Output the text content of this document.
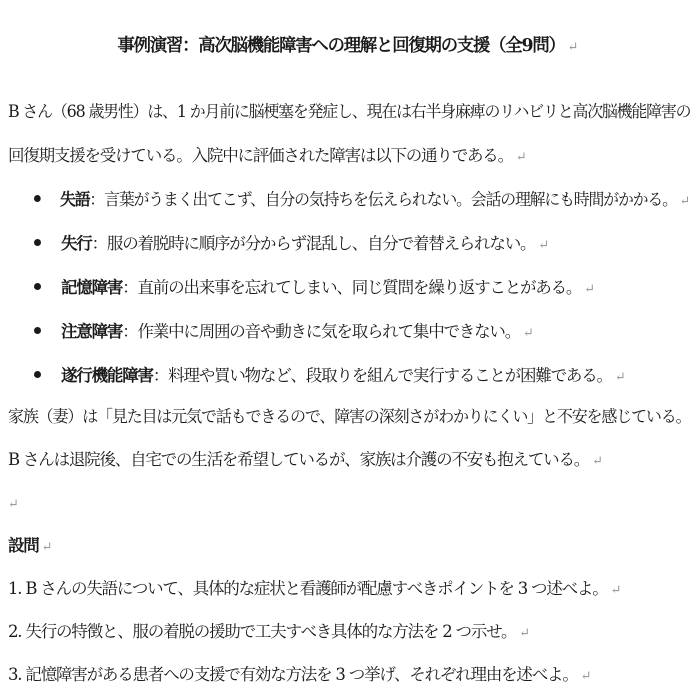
事例演習：高次脳機能障害への理解と回復期の支援（全9問） ↵
B さん（68 歳男性）は、1 か月前に脳梗塞を発症し、現在は右半身麻痺のリハビリと高次脳機能障害の
回復期支援を受けている。入院中に評価された障害は以下の通りである。 ↵
失語：言葉がうまく出てこず、自分の気持ちを伝えられない。会話の理解にも時間がかかる。 ↵
失行：服の着脱時に順序が分からず混乱し、自分で着替えられない。 ↵
記憶障害：直前の出来事を忘れてしまい、同じ質問を繰り返すことがある。 ↵
注意障害：作業中に周囲の音や動きに気を取られて集中できない。 ↵
遂行機能障害：料理や買い物など、段取りを組んで実行することが困難である。 ↵
家族（妻）は「見た目は元気で話もできるので、障害の深刻さがわかりにくい」と不安を感じている。
B さんは退院後、自宅での生活を希望しているが、家族は介護の不安も抱えている。 ↵
↵
設問 ↵
1. B さんの失語について、具体的な症状と看護師が配慮すべきポイントを 3 つ述べよ。 ↵
2. 失行の特徴と、服の着脱の援助で工夫すべき具体的な方法を 2 つ示せ。 ↵
3. 記憶障害がある患者への支援で有効な方法を 3 つ挙げ、それぞれ理由を述べよ。 ↵
